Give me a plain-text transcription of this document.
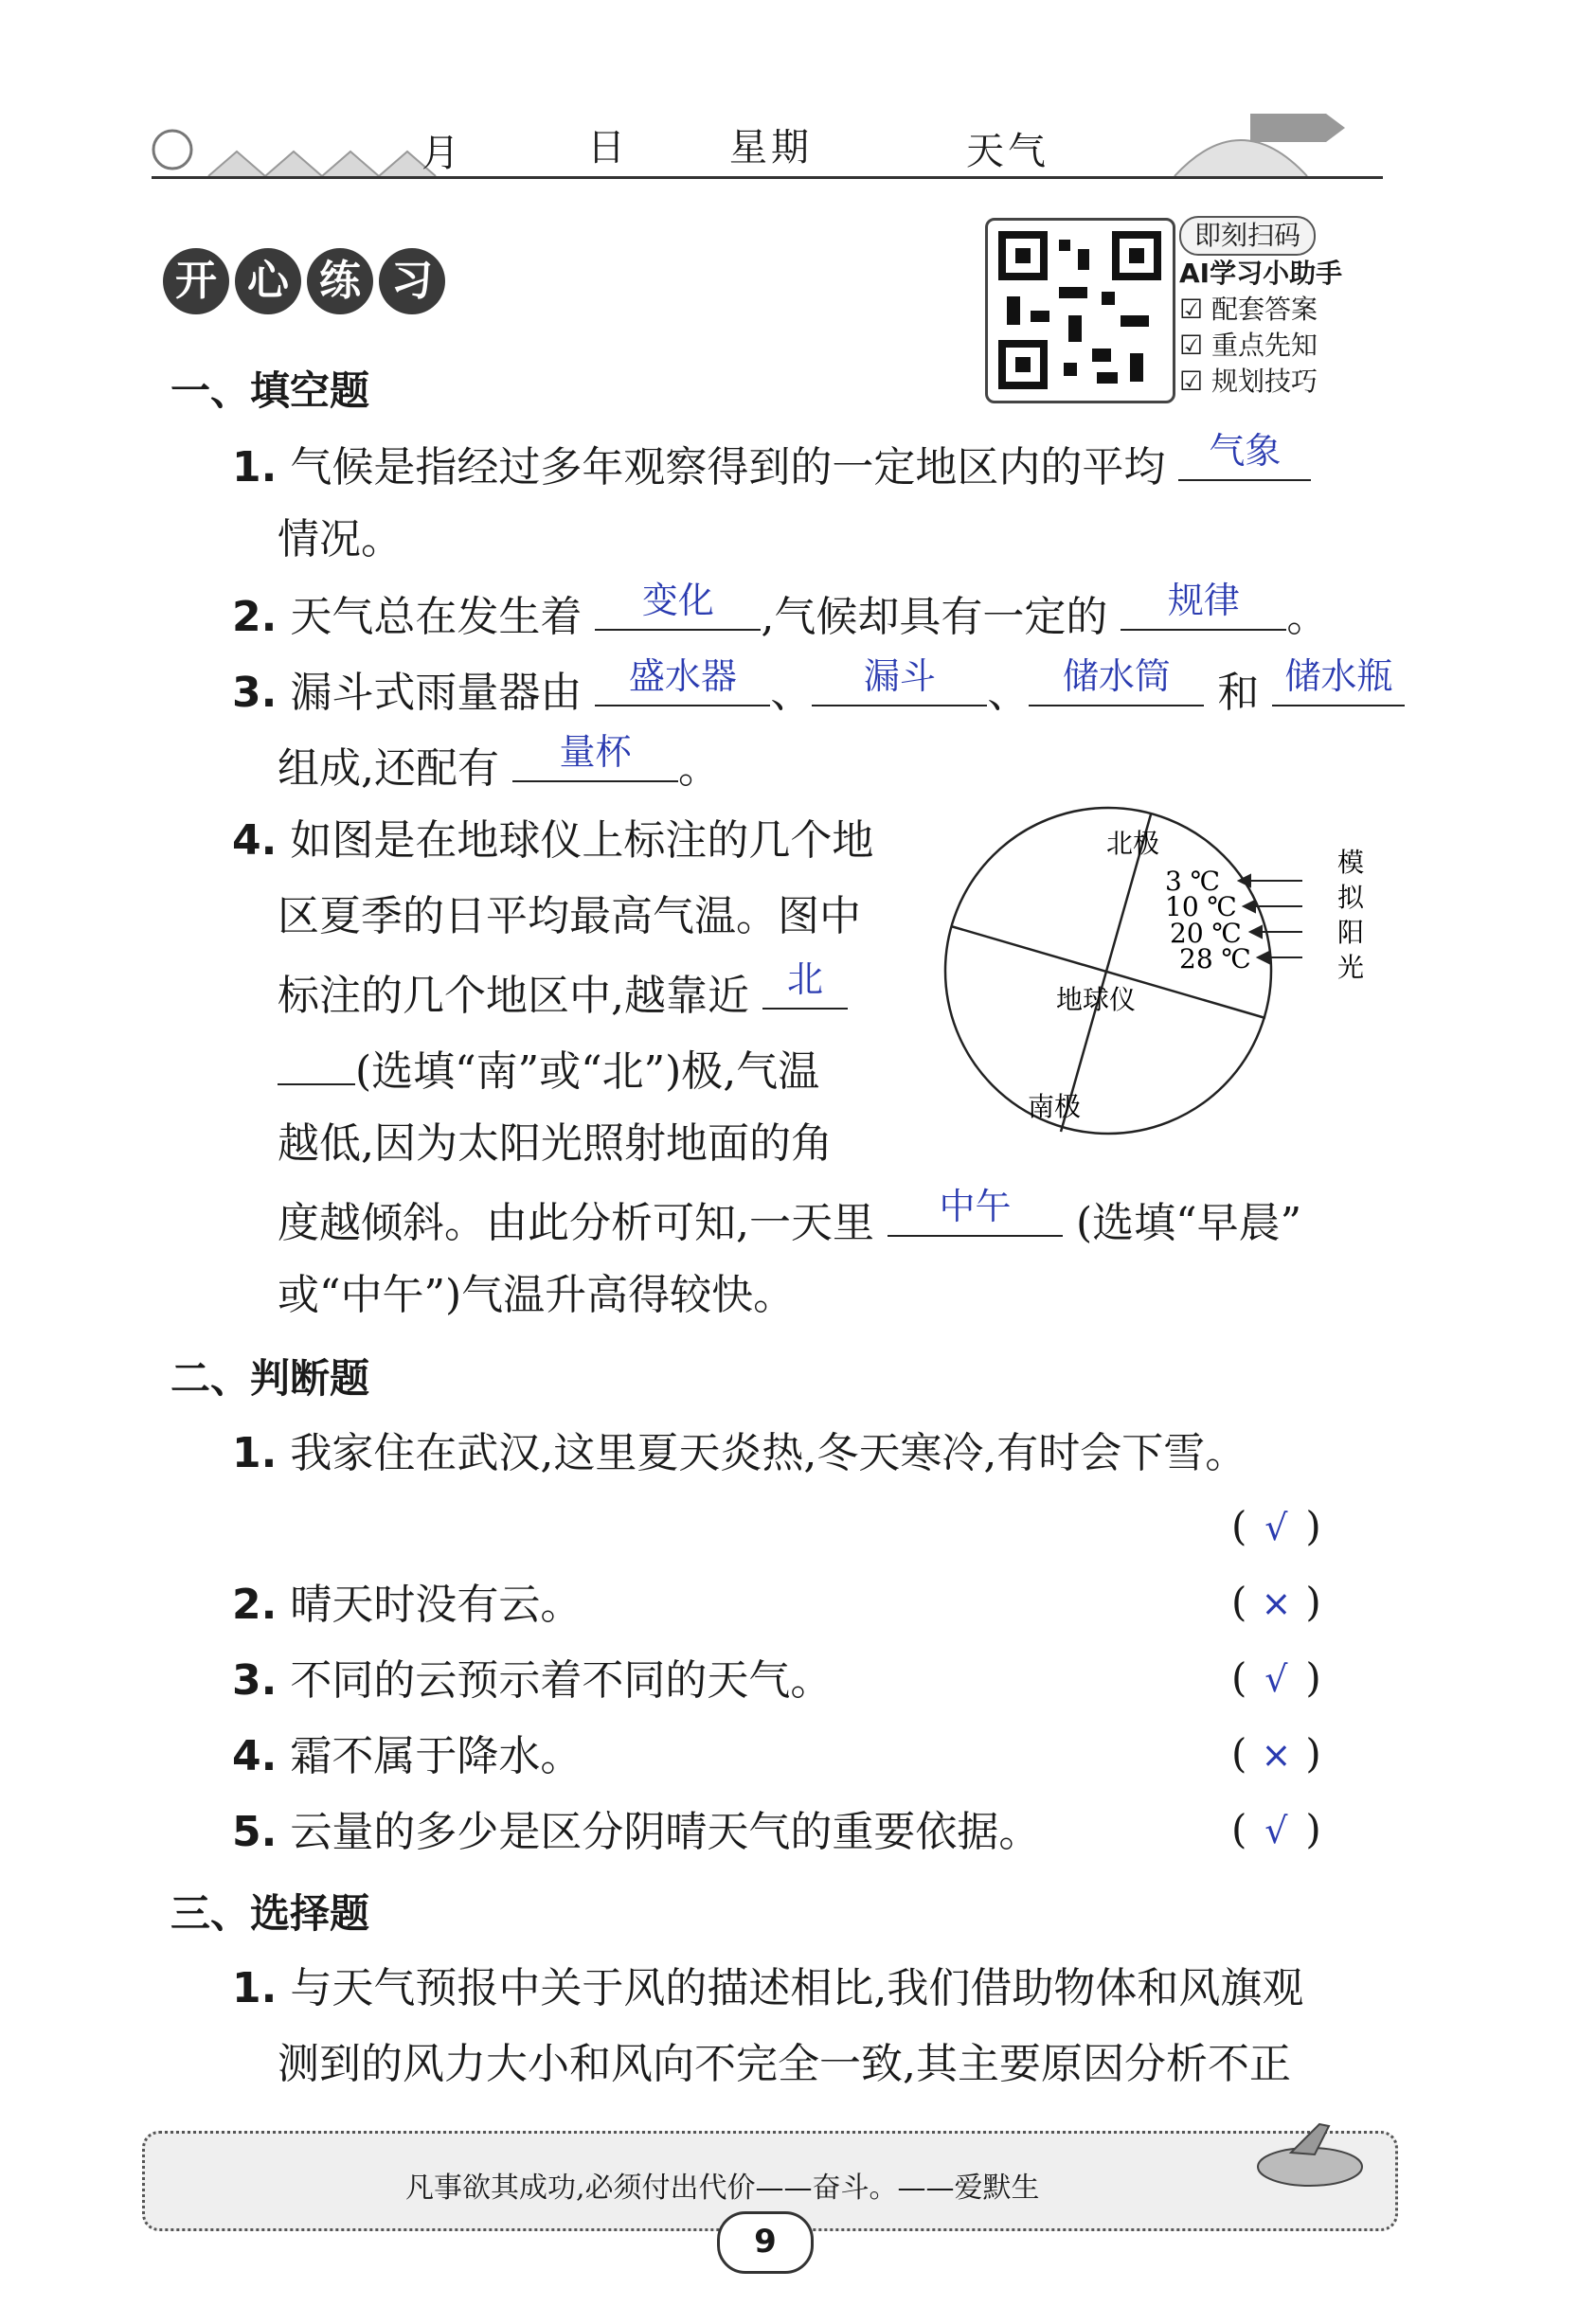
月	日	星期	天气
开 心 练 习
即刻扫码
AI学习小助手
☑ 配套答案
☑ 重点先知
☑ 规划技巧
一、填空题
1. 气候是指经过多年观察得到的一定地区内的平均	气象
情况。
2. 天气总在发生着	变化	,气候却具有一定的	规律	。
3. 漏斗式雨量器由	盛水器 、	漏斗	、 储水筒	和 储水瓶
组成,还配有	量杯	。
4. 如图是在地球仪上标注的几个地
区夏季的日平均最高气温。图中
标注的几个地区中,越靠近	北
(选填“南”或“北”)极,气温
越低,因为太阳光照射地面的角
度越倾斜。由此分析可知,一天里	中午	(选填“早晨”
或“中午”)气温升高得较快。
北极
南极
地球仪
3 ℃
10 ℃
20 ℃
28 ℃
模
拟
阳
光
二、判断题
1. 我家住在武汉,这里夏天炎热,冬天寒冷,有时会下雪。
( √ )
2. 晴天时没有云。	( × )
3. 不同的云预示着不同的天气。	( √ )
4. 霜不属于降水。	( × )
5. 云量的多少是区分阴晴天气的重要依据。	( √ )
三、选择题
1. 与天气预报中关于风的描述相比,我们借助物体和风旗观
测到的风力大小和风向不完全一致,其主要原因分析不正
凡事欲其成功,必须付出代价——奋斗。——爱默生
9
